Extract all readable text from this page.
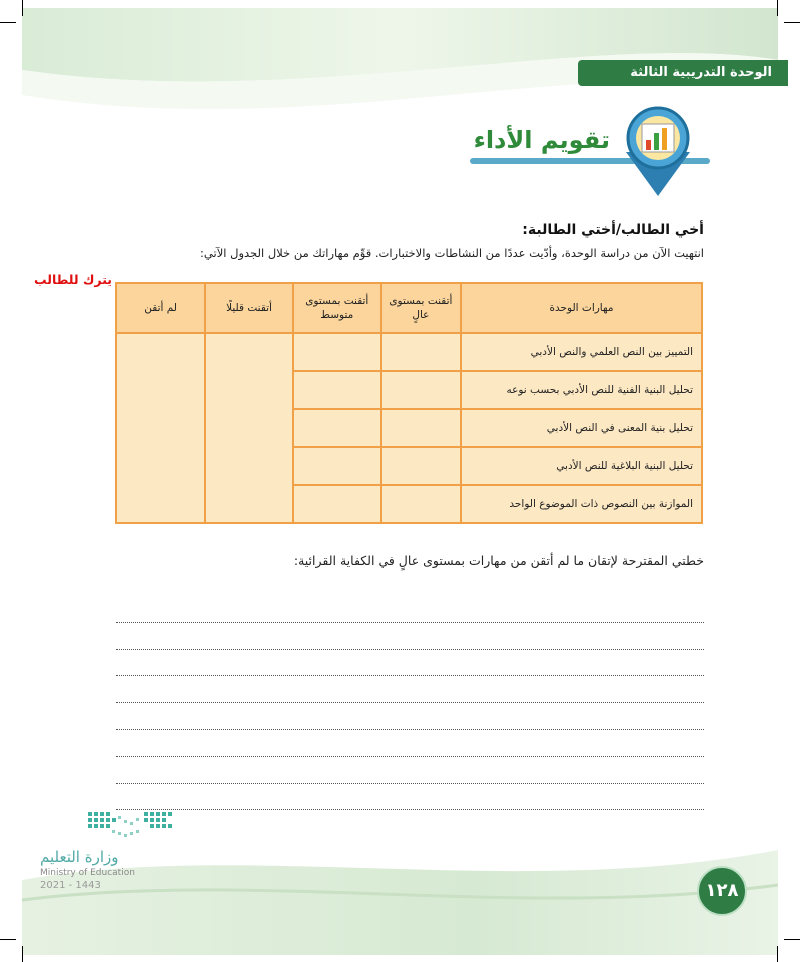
الوحدة التدريبية الثالثة
تقويم الأداء
أخي الطالب/أختي الطالبة:
انتهيت الآن من دراسة الوحدة، وأدّيت عددًا من النشاطات والاختبارات. قوِّم مهاراتك من خلال الجدول الآتي:
يترك للطالب
مهارات الوحدة	أتقنت بمستوى عالٍ	أتقنت بمستوى متوسط	أتقنت قليلًا	لم أتقن
التمييز بين النص العلمي والنص الأدبي				
تحليل البنية الفنية للنص الأدبي بحسب نوعه				
تحليل بنية المعنى في النص الأدبي				
تحليل البنية البلاغية للنص الأدبي				
الموازنة بين النصوص ذات الموضوع الواحد				
خطتي المقترحة لإتقان ما لم أتقن من مهارات بمستوى عالٍ في الكفاية القرائية:
وزارة التعليم
Ministry of Education
2021 - 1443	١٢٨
